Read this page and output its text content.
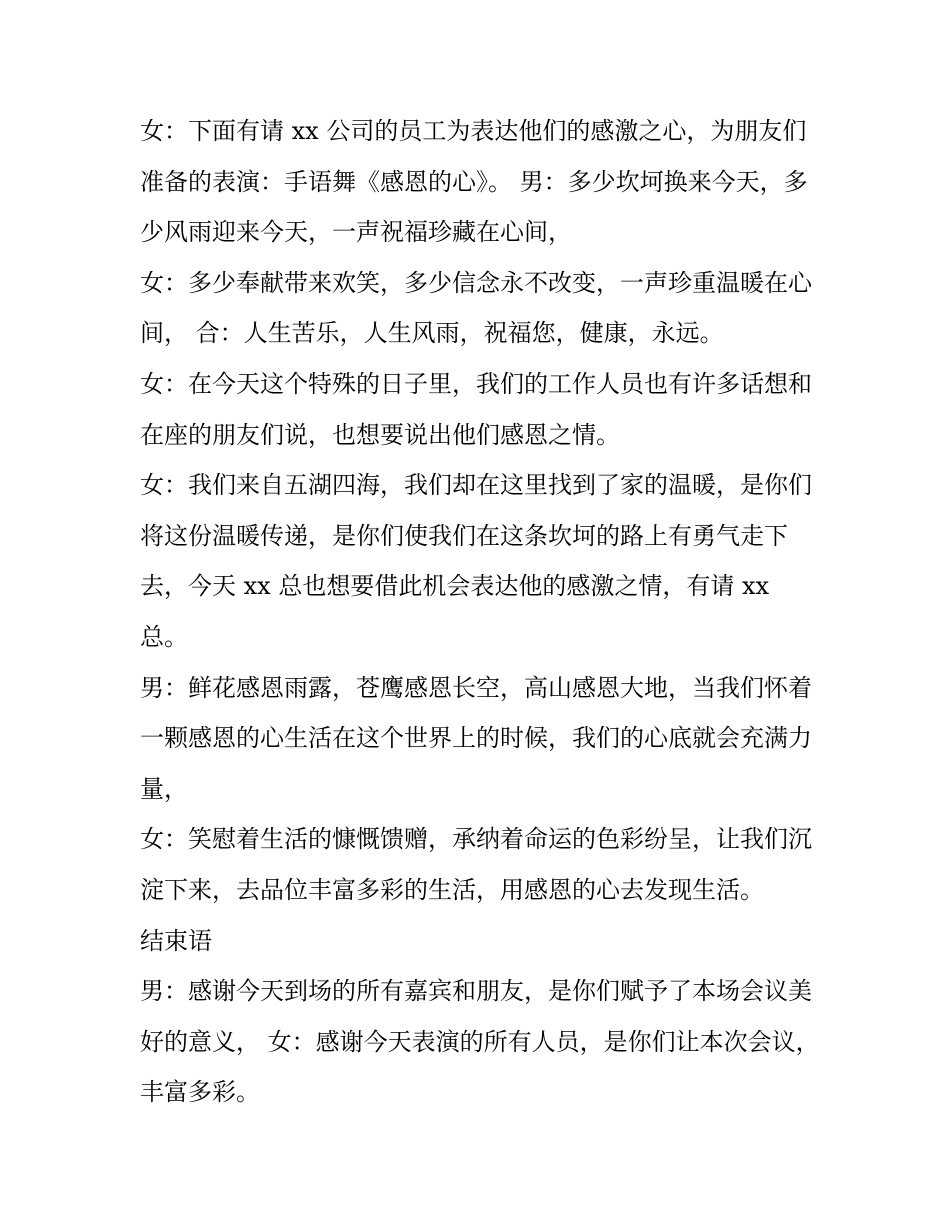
女：下面有请 xx 公司的员工为表达他们的感激之心，为朋友们准备的表演：手语舞《感恩的心》。 男：多少坎坷换来今天，多少风雨迎来今天，一声祝福珍藏在心间，

女：多少奉献带来欢笑，多少信念永不改变，一声珍重温暖在心间， 合：人生苦乐，人生风雨，祝福您，健康，永远。

女：在今天这个特殊的日子里，我们的工作人员也有许多话想和在座的朋友们说，也想要说出他们感恩之情。

女：我们来自五湖四海，我们却在这里找到了家的温暖，是你们将这份温暖传递，是你们使我们在这条坎坷的路上有勇气走下去，今天 xx 总也想要借此机会表达他的感激之情，有请 xx 总。

男：鲜花感恩雨露，苍鹰感恩长空，高山感恩大地，当我们怀着一颗感恩的心生活在这个世界上的时候，我们的心底就会充满力量，

女：笑慰着生活的慷慨馈赠，承纳着命运的色彩纷呈，让我们沉淀下来，去品位丰富多彩的生活，用感恩的心去发现生活。

结束语

男：感谢今天到场的所有嘉宾和朋友，是你们赋予了本场会议美好的意义， 女：感谢今天表演的所有人员，是你们让本次会议，丰富多彩。
